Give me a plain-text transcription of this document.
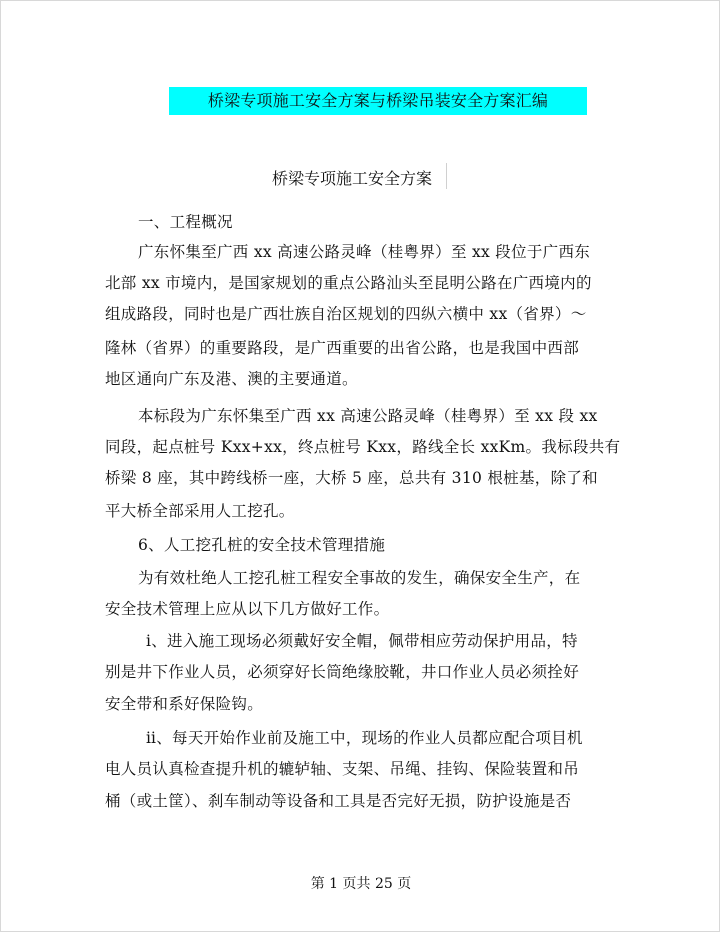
桥梁专项施工安全方案与桥梁吊装安全方案汇编
桥梁专项施工安全方案
一、工程概况
广东怀集至广西 xx 高速公路灵峰（桂粤界）至 xx 段位于广西东
北部 xx 市境内，是国家规划的重点公路汕头至昆明公路在广西境内的
组成路段，同时也是广西壮族自治区规划的四纵六横中 xx（省界）～
隆林（省界）的重要路段，是广西重要的出省公路，也是我国中西部
地区通向广东及港、澳的主要通道。
本标段为广东怀集至广西 xx 高速公路灵峰（桂粤界）至 xx 段 xx
同段，起点桩号 Kxx+xx，终点桩号 Kxx，路线全长 xxKm。我标段共有
桥梁 8 座，其中跨线桥一座，大桥 5 座，总共有 310 根桩基，除了和
平大桥全部采用人工挖孔。
6、人工挖孔桩的安全技术管理措施
为有效杜绝人工挖孔桩工程安全事故的发生，确保安全生产，在
安全技术管理上应从以下几方做好工作。
ⅰ、进入施工现场必须戴好安全帽，佩带相应劳动保护用品，特
别是井下作业人员，必须穿好长筒绝缘胶靴，井口作业人员必须拴好
安全带和系好保险钩。
ⅱ、每天开始作业前及施工中，现场的作业人员都应配合项目机
电人员认真检查提升机的辘轳轴、支架、吊绳、挂钩、保险装置和吊
桶（或土筐）、刹车制动等设备和工具是否完好无损，防护设施是否
第 1 页共 25 页
